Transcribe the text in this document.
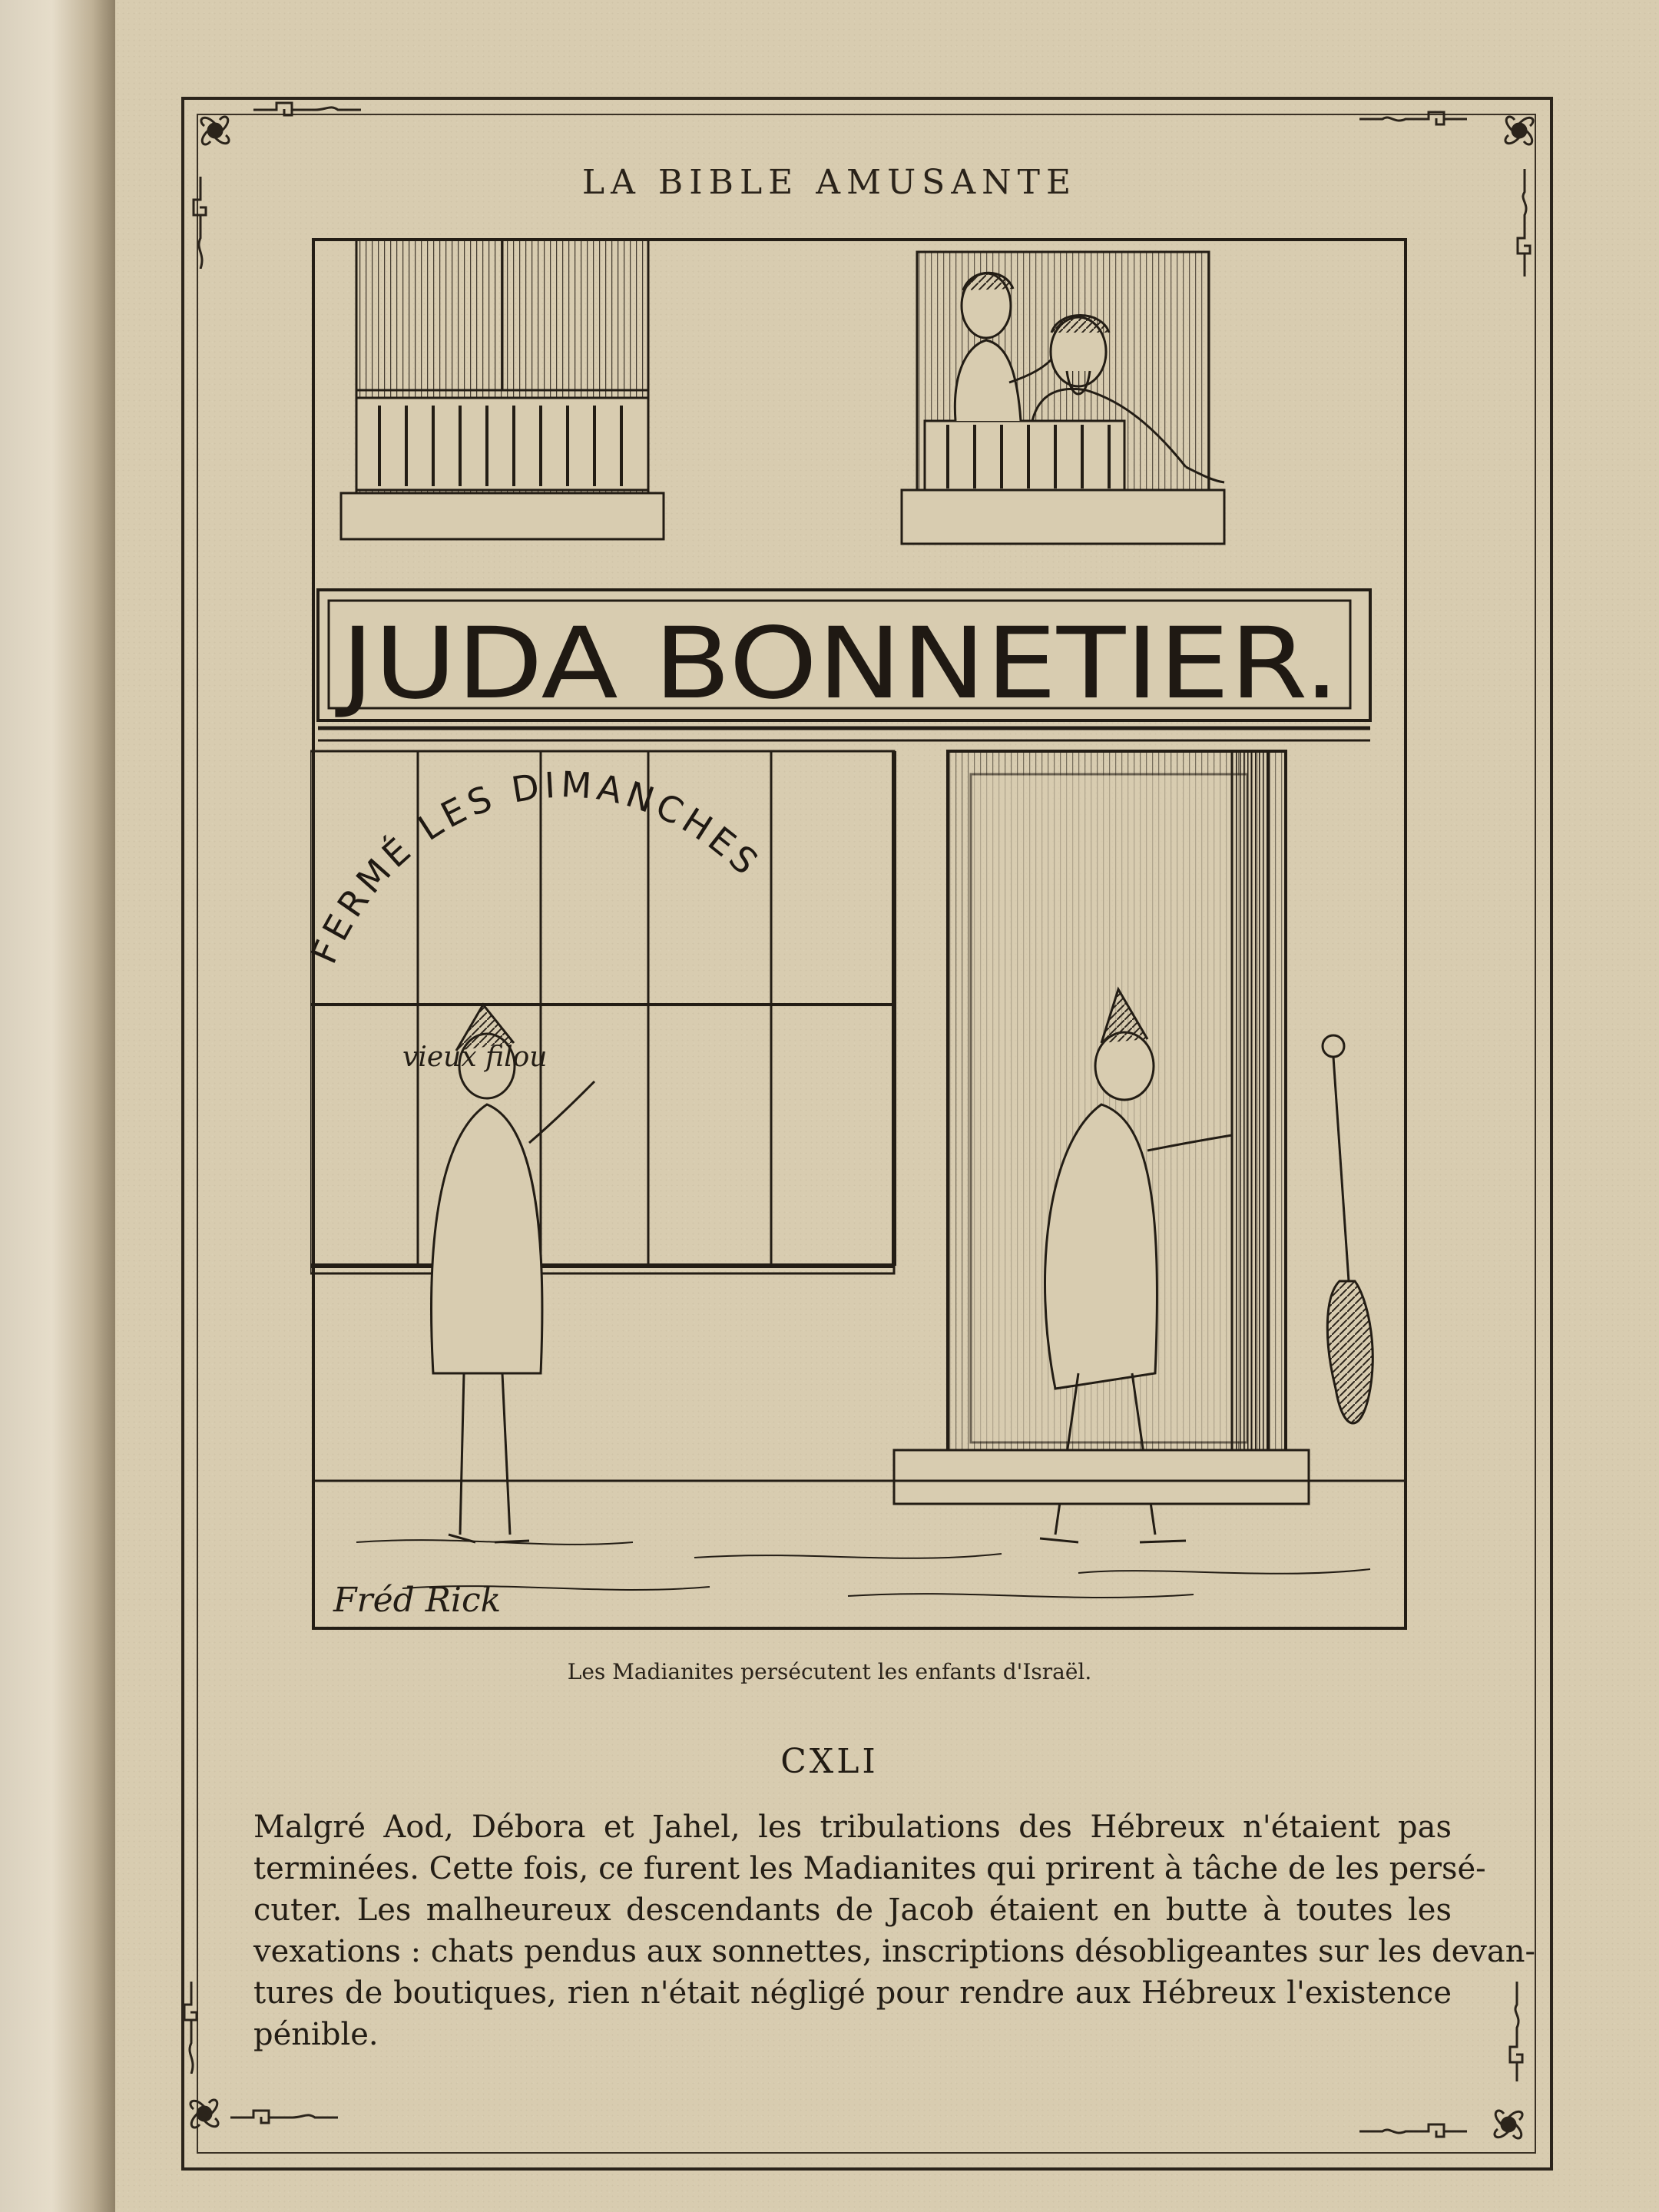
LA BIBLE AMUSANTE
JUDA BONNETIER.
ERMÉ LES DIMANCHES
vieux filou
Fréd Rick
Les Madianites persécutent les enfants d'Israël.
CXLI
Malgré Aod, Débora et Jahel, les tribulations des Hébreux n'étaient pas
terminées. Cette fois, ce furent les Madianites qui prirent à tâche de les persé-
cuter. Les malheureux descendants de Jacob étaient en butte à toutes les
vexations : chats pendus aux sonnettes, inscriptions désobligeantes sur les devan-
tures de boutiques, rien n'était négligé pour rendre aux Hébreux l'existence
pénible.
